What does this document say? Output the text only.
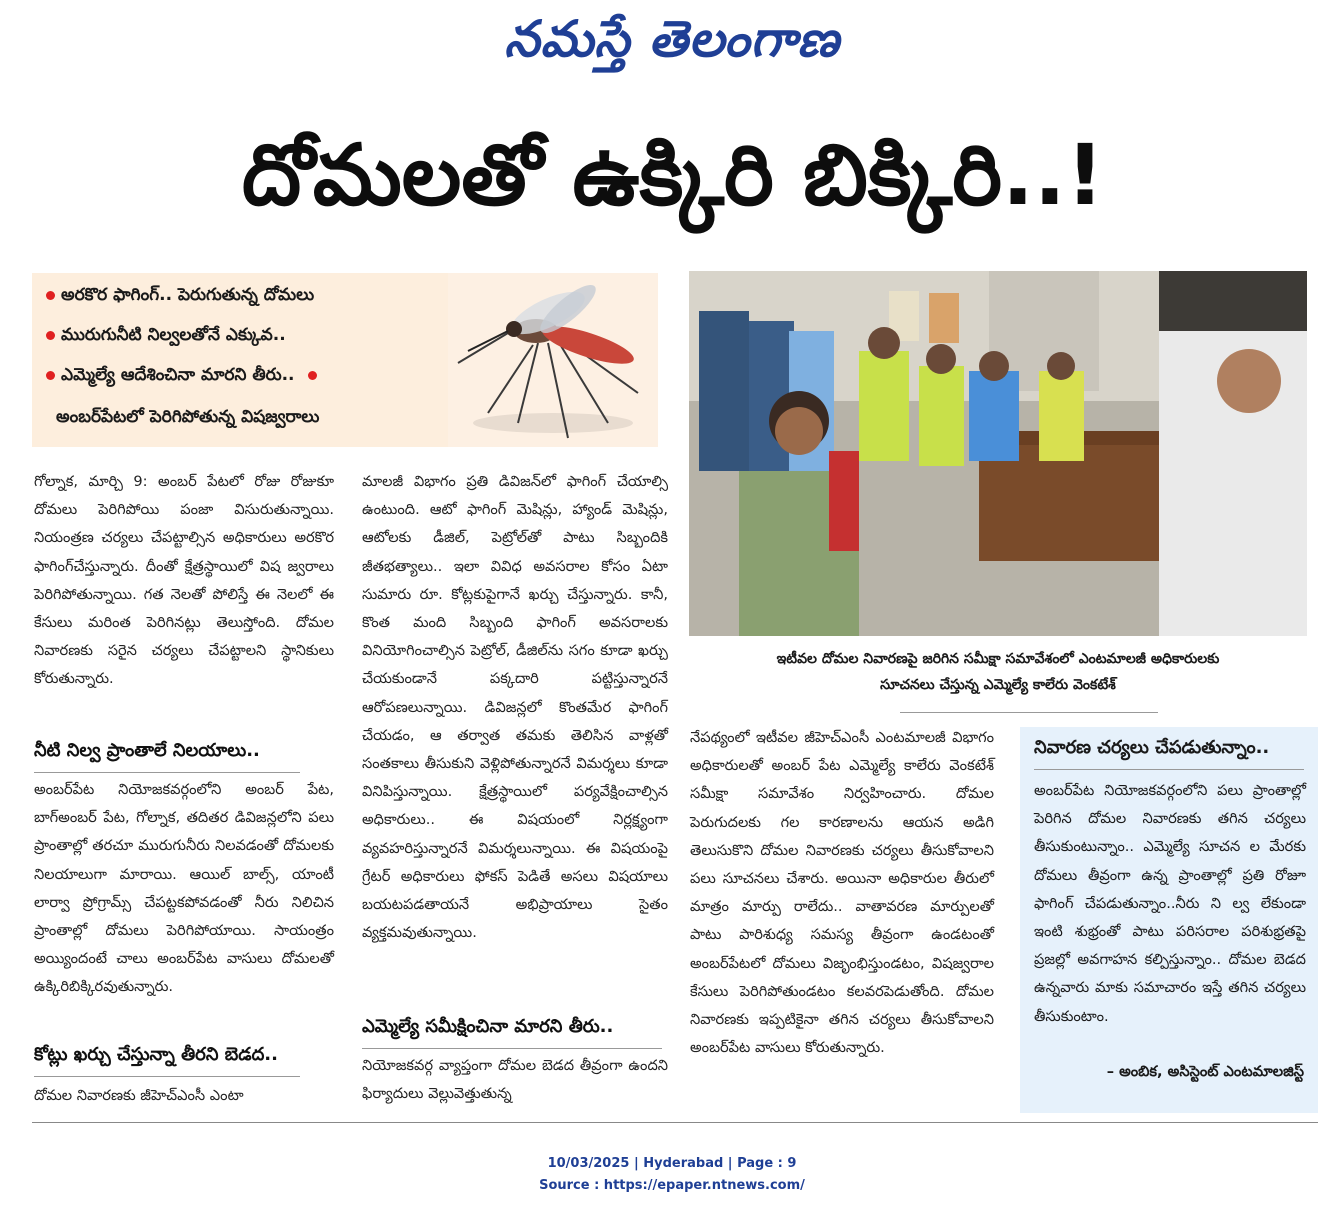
నమస్తే తెలంగాణ
దోమలతో ఉక్కిరి బిక్కిరి..!
అరకొర ఫాగింగ్.. పెరుగుతున్న దోమలు
మురుగునీటి నిల్వలతోనే ఎక్కువ..
ఎమ్మెల్యే ఆదేశించినా మారని తీరు..
అంబర్‌పేటలో పెరిగిపోతున్న విషజ్వరాలు
ఇటీవల దోమల నివారణపై జరిగిన సమీక్షా సమావేశంలో ఎంటమాలజీ అధికారులకు
సూచనలు చేస్తున్న ఎమ్మెల్యే కాలేరు వెంకటేశ్
గోల్నాక, మార్చి 9: అంబర్ పేటలో రోజు రోజుకూ దోమలు పెరిగిపోయి పంజా విసురుతున్నాయి. నియంత్రణ చర్యలు చేపట్టాల్సిన అధికారులు అరకొర ఫాగింగ్‌చేస్తున్నారు. దీంతో క్షేత్రస్థాయిలో విష జ్వరాలు పెరిగిపోతున్నాయి. గత నెలతో పోలిస్తే ఈ నెలలో ఈ కేసులు మరింత పెరిగినట్లు తెలుస్తోంది. దోమల నివారణకు సరైన చర్యలు చేపట్టాలని స్థానికులు కోరుతున్నారు.
నీటి నిల్వ ప్రాంతాలే నిలయాలు..
అంబర్‌పేట నియోజకవర్గంలోని అంబర్ పేట, బాగ్‌అంబర్ పేట, గోల్నాక, తదితర డివిజన్లలోని పలు ప్రాంతాల్లో తరచూ మురుగునీరు నిలవడంతో దోమలకు నిలయాలుగా మారాయి. ఆయిల్ బాల్స్, యాంటీ లార్వా ప్రోగ్రామ్స్ చేపట్టకపోవడంతో నీరు నిలిచిన ప్రాంతాల్లో దోమలు పెరిగిపోయాయి. సాయంత్రం అయ్యిందంటే చాలు అంబర్‌పేట వాసులు దోమలతో ఉక్కిరిబిక్కిరవుతున్నారు.
కోట్లు ఖర్చు చేస్తున్నా తీరని బెడద..
దోమల నివారణకు జీహెచ్‌ఎంసీ ఎంటా
మాలజీ విభాగం ప్రతి డివిజన్‌లో ఫాగింగ్ చేయాల్సి ఉంటుంది. ఆటో ఫాగింగ్ మెషిన్లు, హ్యాండ్ మెషిన్లు, ఆటోలకు డీజిల్, పెట్రోల్‌తో పాటు సిబ్బందికి జీతభత్యాలు.. ఇలా వివిధ అవసరాల కోసం ఏటా సుమారు రూ. కోట్లకుపైగానే ఖర్చు చేస్తున్నారు. కానీ, కొంత మంది సిబ్బంది ఫాగింగ్ అవసరాలకు వినియోగించాల్సిన పెట్రోల్, డీజిల్‌ను సగం కూడా ఖర్చు చేయకుండానే పక్కదారి పట్టిస్తున్నారనే ఆరోపణలున్నాయి. డివిజన్లలో కొంతమేర ఫాగింగ్ చేయడం, ఆ తర్వాత తమకు తెలిసిన వాళ్లతో సంతకాలు తీసుకుని వెళ్లిపోతున్నారనే విమర్శలు కూడా వినిపిస్తున్నాయి. క్షేత్రస్థాయిలో పర్యవేక్షించాల్సిన అధికారులు.. ఈ విషయంలో నిర్లక్ష్యంగా వ్యవహరిస్తున్నారనే విమర్శలున్నాయి. ఈ విషయంపై గ్రేటర్ అధికారులు ఫోకస్ పెడితే అసలు విషయాలు బయటపడతాయనే అభిప్రాయాలు సైతం వ్యక్తమవుతున్నాయి.
ఎమ్మెల్యే సమీక్షించినా మారని తీరు..
నియోజకవర్గ వ్యాప్తంగా దోమల బెడద తీవ్రంగా ఉందని ఫిర్యాదులు వెల్లువెత్తుతున్న
నేపథ్యంలో ఇటీవల జీహెచ్‌ఎంసీ ఎంటమాలజీ విభాగం అధికారులతో అంబర్ పేట ఎమ్మెల్యే కాలేరు వెంకటేశ్ సమీక్షా సమావేశం నిర్వహించారు. దోమల పెరుగుదలకు గల కారణాలను ఆయన అడిగి తెలుసుకొని దోమల నివారణకు చర్యలు తీసుకోవాలని పలు సూచనలు చేశారు. అయినా అధికారుల తీరులో మాత్రం మార్పు రాలేదు.. వాతావరణ మార్పులతో పాటు పారిశుధ్య సమస్య తీవ్రంగా ఉండటంతో అంబర్‌పేటలో దోమలు విజృంభిస్తుండటం, విషజ్వరాల కేసులు పెరిగిపోతుండటం కలవరపెడుతోంది. దోమల నివారణకు ఇప్పటికైనా తగిన చర్యలు తీసుకోవాలని అంబర్‌పేట వాసులు కోరుతున్నారు.
నివారణ చర్యలు చేపడుతున్నాం..
అంబర్‌పేట నియోజకవర్గంలోని పలు ప్రాంతాల్లో పెరిగిన దోమల నివారణకు తగిన చర్యలు తీసుకుంటున్నాం.. ఎమ్మెల్యే సూచన ల మేరకు దోమలు తీవ్రంగా ఉన్న ప్రాంతాల్లో ప్రతి రోజూ ఫాగింగ్ చేపడుతున్నాం..నీరు ని ల్వ లేకుండా ఇంటి శుభ్రంతో పాటు పరిసరాల పరిశుభ్రతపై ప్రజల్లో అవగాహన కల్పిస్తున్నాం.. దోమల బెడద ఉన్నవారు మాకు సమాచారం ఇస్తే తగిన చర్యలు తీసుకుంటాం.
– అంబిక, అసిస్టెంట్ ఎంటమాలజిస్ట్
10/03/2025 | Hyderabad | Page : 9
Source : https://epaper.ntnews.com/
